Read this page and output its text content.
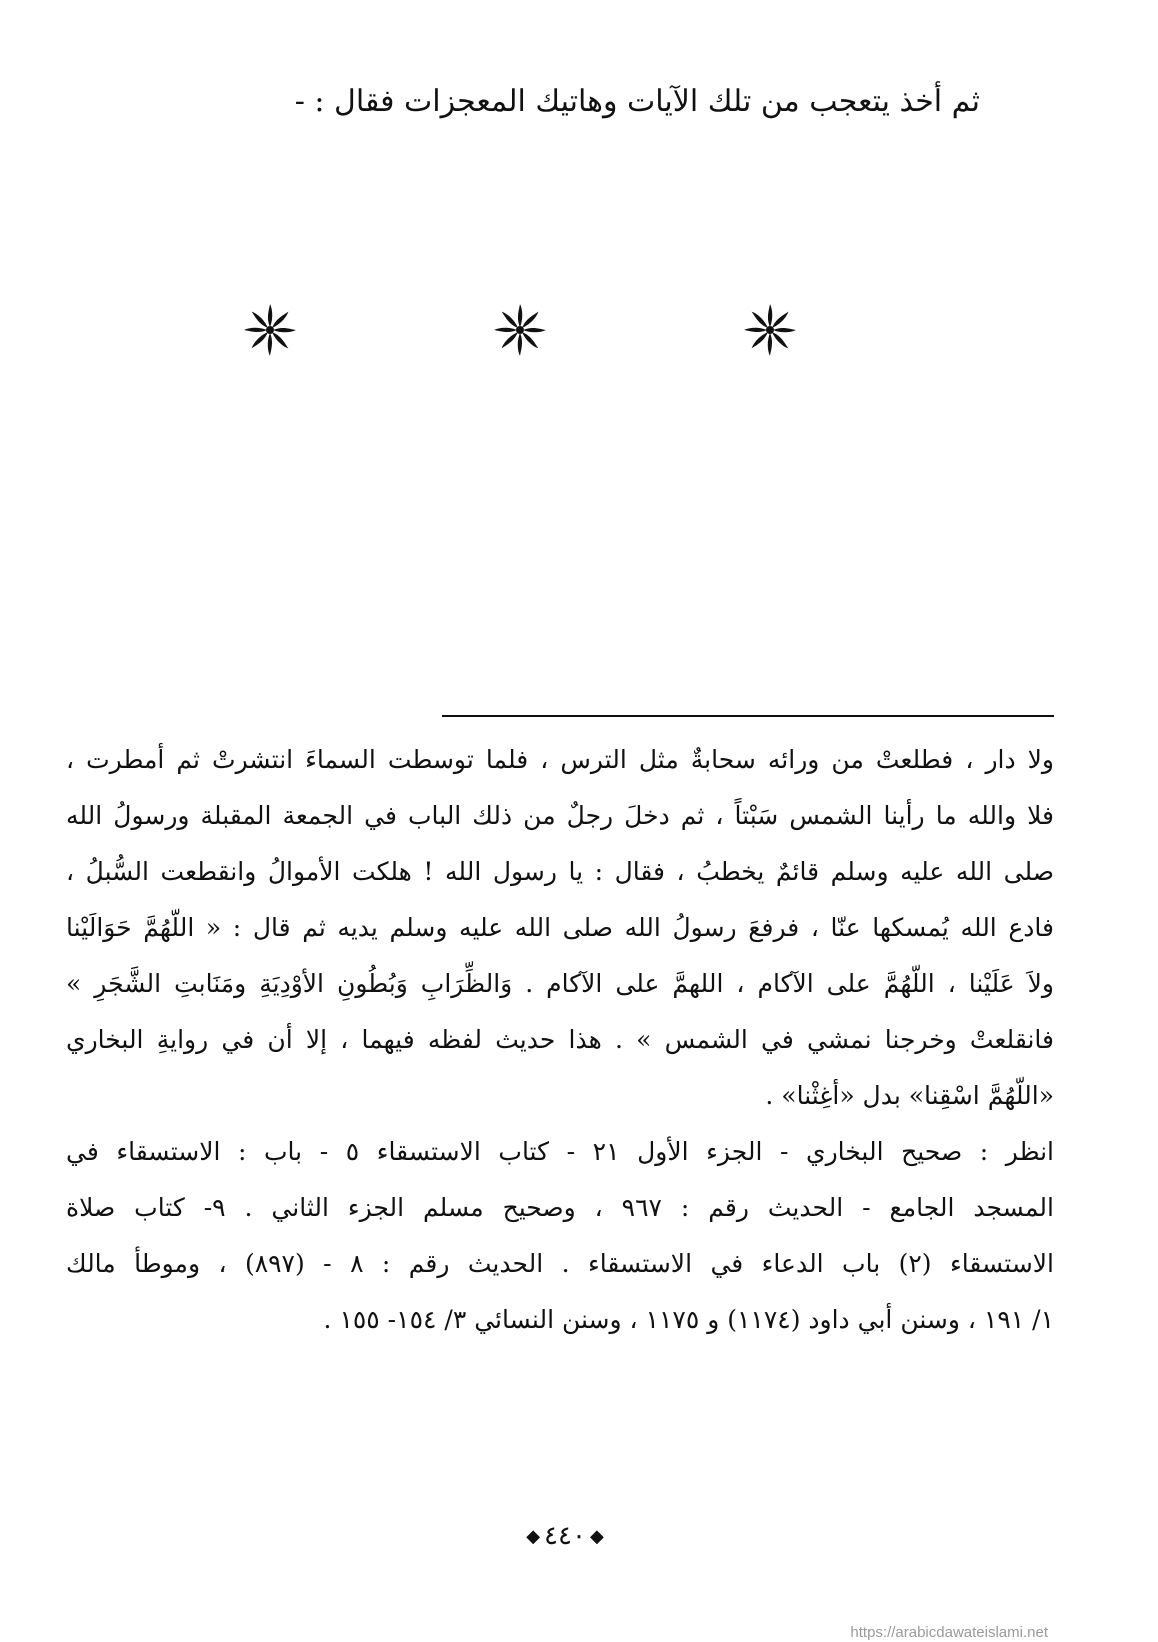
ثم أخذ يتعجب من تلك الآيات وهاتيك المعجزات فقال : -
ولا دار ، فطلعتْ من ورائه سحابةٌ مثل الترس ، فلما توسطت السماءَ انتشرتْ ثم أمطرت ،
فلا والله ما رأينا الشمس سَبْتاً ، ثم دخلَ رجلٌ من ذلك الباب في الجمعة المقبلة ورسولُ الله
صلى الله عليه وسلم قائمٌ يخطبُ ، فقال : يا رسول الله ! هلكت الأموالُ وانقطعت السُّبلُ ،
فادع الله يُمسكها عنّا ، فرفعَ رسولُ الله صلى الله عليه وسلم يديه ثم قال : « اللّهُمَّ حَوَالَيْنا
ولاَ عَلَيْنا ، اللّهُمَّ على الآكام ، اللهمَّ على الآكام . وَالظِّرَابِ وَبُطُونِ الأوْدِيَةِ ومَنَابتِ الشَّجَرِ »
فانقلعتْ وخرجنا نمشي في الشمس » . هذا حديث لفظه فيهما ، إلا أن في روايةِ البخاري
«اللّهُمَّ اسْقِنا» بدل «أغِثْنا» .
انظر : صحيح البخاري - الجزء الأول ٢١ - كتاب الاستسقاء ٥ - باب : الاستسقاء في
المسجد الجامع - الحديث رقم : ٩٦٧ ، وصحيح مسلم الجزء الثاني . ٩- كتاب صلاة
الاستسقاء (٢) باب الدعاء في الاستسقاء . الحديث رقم : ٨ - (٨٩٧) ، وموطأ مالك
١/ ١٩١ ، وسنن أبي داود (١١٧٤) و ١١٧٥ ، وسنن النسائي ٣/ ١٥٤- ١٥٥ .
◆٤٤٠◆
https://arabicdawateislami.net
